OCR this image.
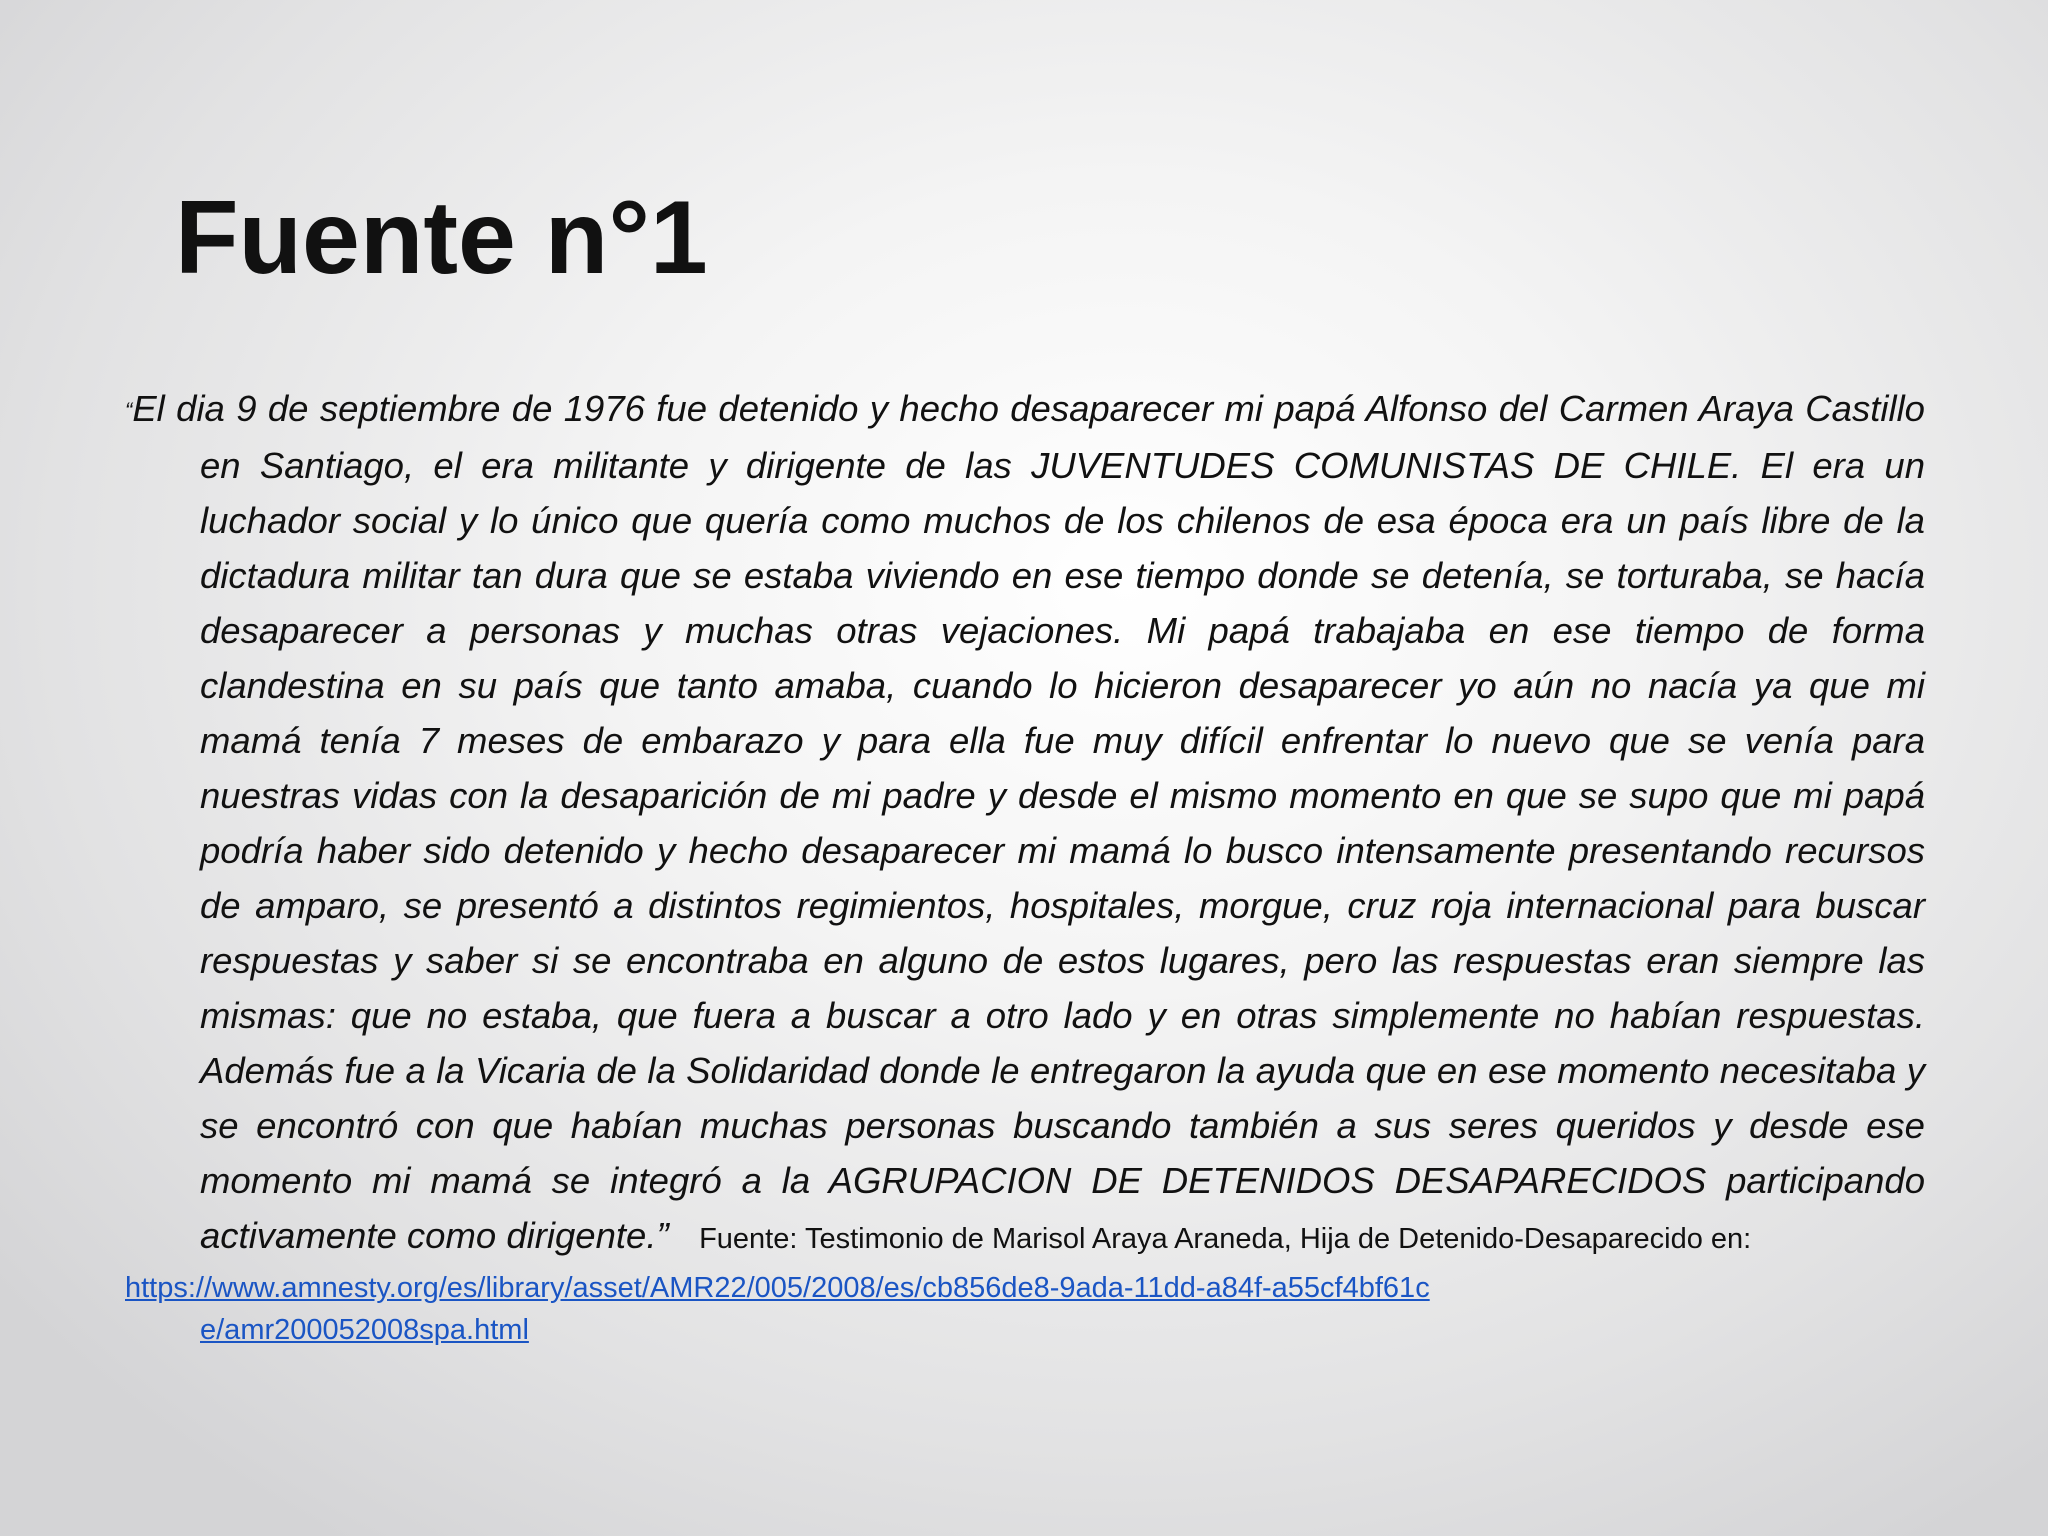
Fuente n°1
“El dia 9 de septiembre de 1976 fue detenido y hecho desaparecer mi papá Alfonso del Carmen Araya Castillo en Santiago, el era militante y dirigente de las JUVENTUDES COMUNISTAS DE CHILE. El era un luchador social y lo único que quería como muchos de los chilenos de esa época era un país libre de la dictadura militar tan dura que se estaba viviendo en ese tiempo donde se detenía, se torturaba, se hacía desaparecer a personas y muchas otras vejaciones. Mi papá trabajaba en ese tiempo de forma clandestina en su país que tanto amaba, cuando lo hicieron desaparecer yo aún no nacía ya que mi mamá tenía 7 meses de embarazo y para ella fue muy difícil enfrentar lo nuevo que se venía para nuestras vidas con la desaparición de mi padre y desde el mismo momento en que se supo que mi papá podría haber sido detenido y hecho desaparecer mi mamá lo busco intensamente presentando recursos de amparo, se presentó a distintos regimientos, hospitales, morgue, cruz roja internacional para buscar respuestas y saber si se encontraba en alguno de estos lugares, pero las respuestas eran siempre las mismas: que no estaba, que fuera a buscar a otro lado y en otras simplemente no habían respuestas. Además fue a la Vicaria de la Solidaridad donde le entregaron la ayuda que en ese momento necesitaba y se encontró con que habían muchas personas buscando también a sus seres queridos y desde ese momento mi mamá se integró a la AGRUPACION DE DETENIDOS DESAPARECIDOS participando activamente como dirigente.” Fuente: Testimonio de Marisol Araya Araneda, Hija de Detenido-Desaparecido en:
https://www.amnesty.org/es/library/asset/AMR22/005/2008/es/cb856de8-9ada-11dd-a84f-a55cf4bf61ce/amr200052008spa.html
